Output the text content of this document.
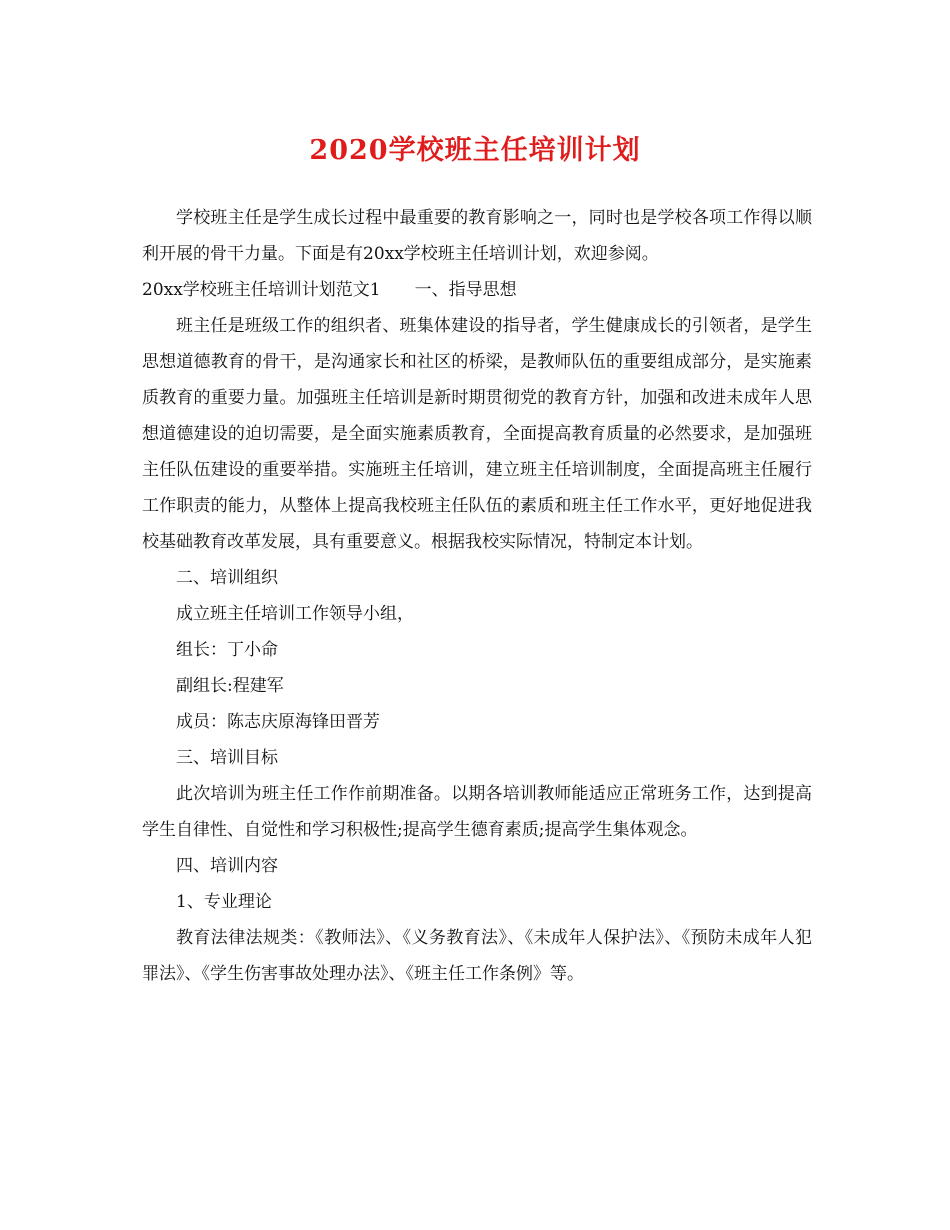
2020学校班主任培训计划

学校班主任是学生成长过程中最重要的教育影响之一，同时也是学校各项工作得以顺利开展的骨干力量。下面是有20xx学校班主任培训计划，欢迎参阅。

20xx学校班主任培训计划范文1　　一、指导思想

班主任是班级工作的组织者、班集体建设的指导者，学生健康成长的引领者，是学生思想道德教育的骨干，是沟通家长和社区的桥梁，是教师队伍的重要组成部分，是实施素质教育的重要力量。加强班主任培训是新时期贯彻党的教育方针，加强和改进未成年人思想道德建设的迫切需要，是全面实施素质教育，全面提高教育质量的必然要求，是加强班主任队伍建设的重要举措。实施班主任培训，建立班主任培训制度，全面提高班主任履行工作职责的能力，从整体上提高我校班主任队伍的素质和班主任工作水平，更好地促进我校基础教育改革发展，具有重要意义。根据我校实际情况，特制定本计划。

二、培训组织

成立班主任培训工作领导小组，

组长：丁小命

副组长:程建军

成员：陈志庆原海锋田晋芳

三、培训目标

此次培训为班主任工作作前期准备。以期各培训教师能适应正常班务工作，达到提高学生自律性、自觉性和学习积极性;提高学生德育素质;提高学生集体观念。

四、培训内容

1、专业理论

教育法律法规类：《教师法》、《义务教育法》、《未成年人保护法》、《预防未成年人犯罪法》、《学生伤害事故处理办法》、《班主任工作条例》等。
